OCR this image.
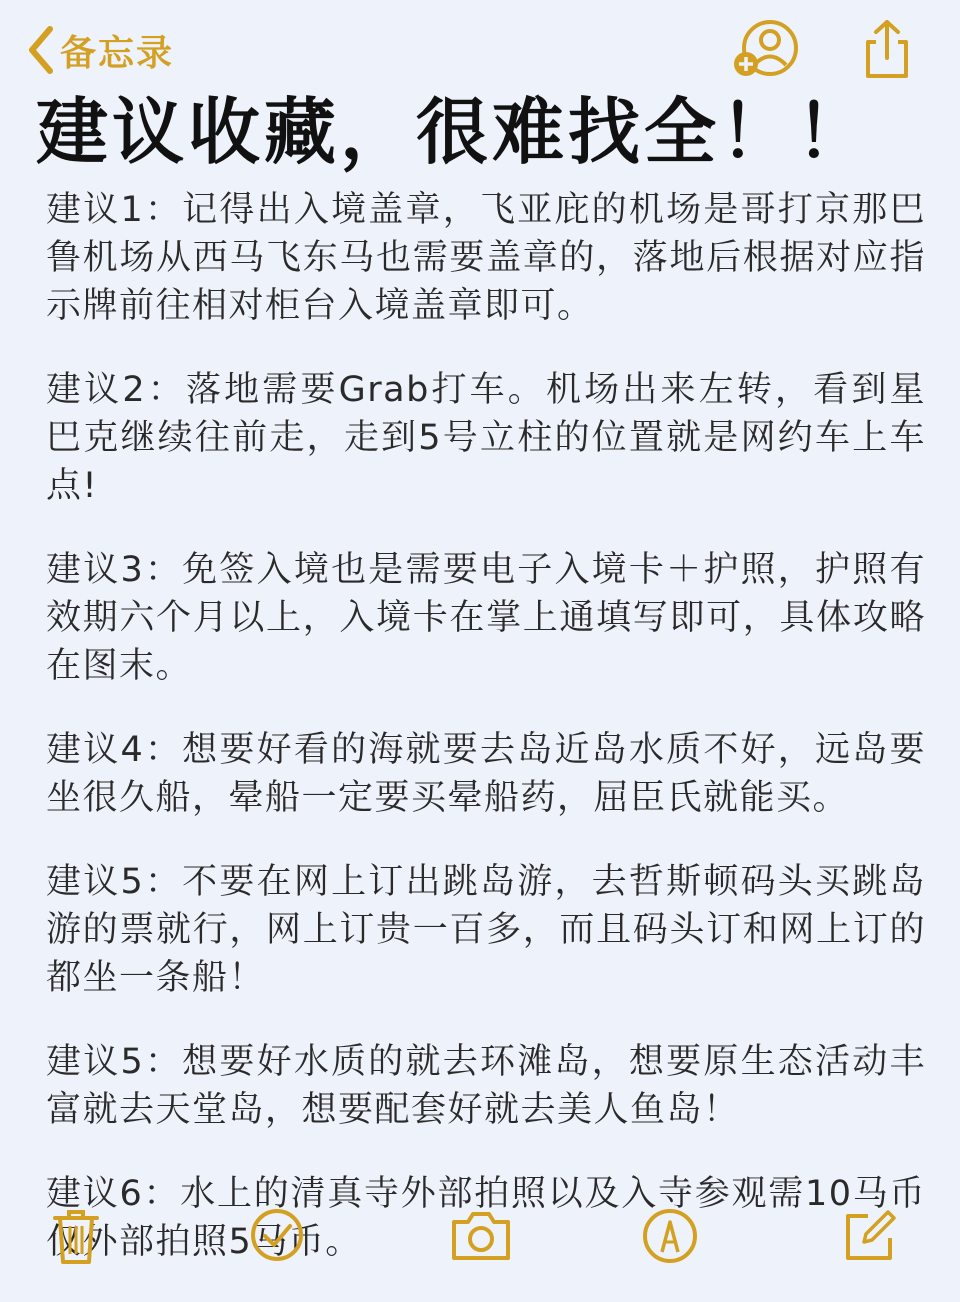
备忘录
建议收藏，很难找全！！
建议1：记得出入境盖章，飞亚庇的机场是哥打京那巴鲁机场从西马飞东马也需要盖章的，落地后根据对应指示牌前往相对柜台入境盖章即可。
建议2：落地需要Grab打车。机场出来左转，看到星巴克继续往前走，走到5号立柱的位置就是网约车上车点!
建议3：免签入境也是需要电子入境卡＋护照，护照有效期六个月以上，入境卡在掌上通填写即可，具体攻略在图末。
建议4：想要好看的海就要去岛近岛水质不好，远岛要坐很久船，晕船一定要买晕船药，屈臣氏就能买。
建议5：不要在网上订出跳岛游，去哲斯顿码头买跳岛游的票就行，网上订贵一百多，而且码头订和网上订的都坐一条船！
建议5：想要好水质的就去环滩岛，想要原生态活动丰富就去天堂岛，想要配套好就去美人鱼岛！
建议6：水上的清真寺外部拍照以及入寺参观需10马币仅外部拍照5马币。
